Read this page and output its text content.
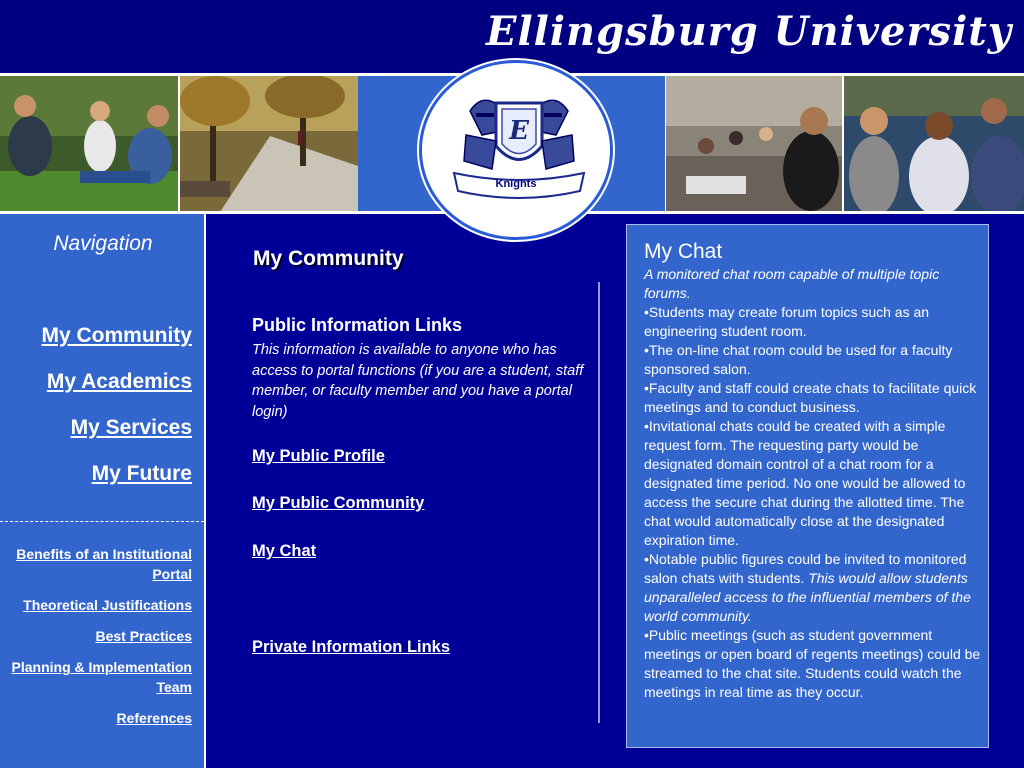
Ellingsburg University
E
Knights
Navigation
My Community
My Academics
My Services
My Future
Benefits of an Institutional Portal
Theoretical Justifications
Best Practices
Planning & Implementation Team
References
My Community
Public Information Links
This information is available to anyone who has access to portal functions (if you are a student, staff member, or faculty member and you have a portal login)
My Public Profile
My Public Community
My Chat
Private Information Links
My Chat
A monitored chat room capable of multiple topic forums.
•Students may create forum topics such as an engineering student room.
•The on-line chat room could be used for a faculty sponsored salon.
•Faculty and staff could create chats to facilitate quick meetings and to conduct business.
•Invitational chats could be created with a simple request form. The requesting party would be designated domain control of a chat room for a designated time period. No one would be allowed to access the secure chat during the allotted time. The chat would automatically close at the designated expiration time.
•Notable public figures could be invited to monitored salon chats with students. This would allow students unparalleled access to the influential members of the world community.
•Public meetings (such as student government meetings or open board of regents meetings) could be streamed to the chat site. Students could watch the meetings in real time as they occur.
